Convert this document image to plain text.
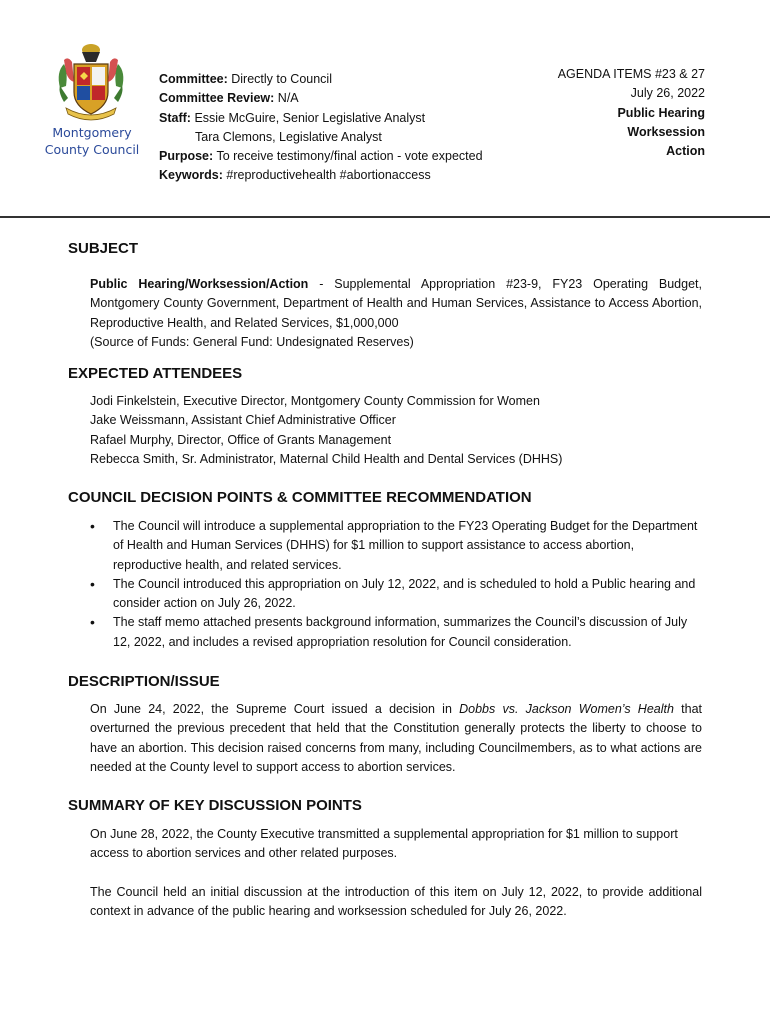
Montgomery County Council
Committee: Directly to Council
Committee Review: N/A
Staff: Essie McGuire, Senior Legislative Analyst
Tara Clemons, Legislative Analyst
Purpose: To receive testimony/final action - vote expected
Keywords: #reproductivehealth #abortionaccess
AGENDA ITEMS #23 & 27
July 26, 2022
Public Hearing
Worksession
Action
SUBJECT

Public Hearing/Worksession/Action - Supplemental Appropriation #23-9, FY23 Operating Budget, Montgomery County Government, Department of Health and Human Services, Assistance to Access Abortion, Reproductive Health, and Related Services, $1,000,000

(Source of Funds: General Fund: Undesignated Reserves)

EXPECTED ATTENDEES
Jodi Finkelstein, Executive Director, Montgomery County Commission for Women
Jake Weissmann, Assistant Chief Administrative Officer
Rafael Murphy, Director, Office of Grants Management
Rebecca Smith, Sr. Administrator, Maternal Child Health and Dental Services (DHHS)
COUNCIL DECISION POINTS & COMMITTEE RECOMMENDATION
• The Council will introduce a supplemental appropriation to the FY23 Operating Budget for the Department of Health and Human Services (DHHS) for $1 million to support assistance to access abortion, reproductive health, and related services.
• The Council introduced this appropriation on July 12, 2022, and is scheduled to hold a Public hearing and consider action on July 26, 2022.
• The staff memo attached presents background information, summarizes the Council’s discussion of July 12, 2022, and includes a revised appropriation resolution for Council consideration.
DESCRIPTION/ISSUE
On June 24, 2022, the Supreme Court issued a decision in Dobbs vs. Jackson Women’s Health that overturned the previous precedent that held that the Constitution generally protects the liberty to choose to have an abortion. This decision raised concerns from many, including Councilmembers, as to what actions are needed at the County level to support access to abortion services.
SUMMARY OF KEY DISCUSSION POINTS

On June 28, 2022, the County Executive transmitted a supplemental appropriation for $1 million to support access to abortion services and other related purposes.

The Council held an initial discussion at the introduction of this item on July 12, 2022, to provide additional context in advance of the public hearing and worksession scheduled for July 26, 2022.
